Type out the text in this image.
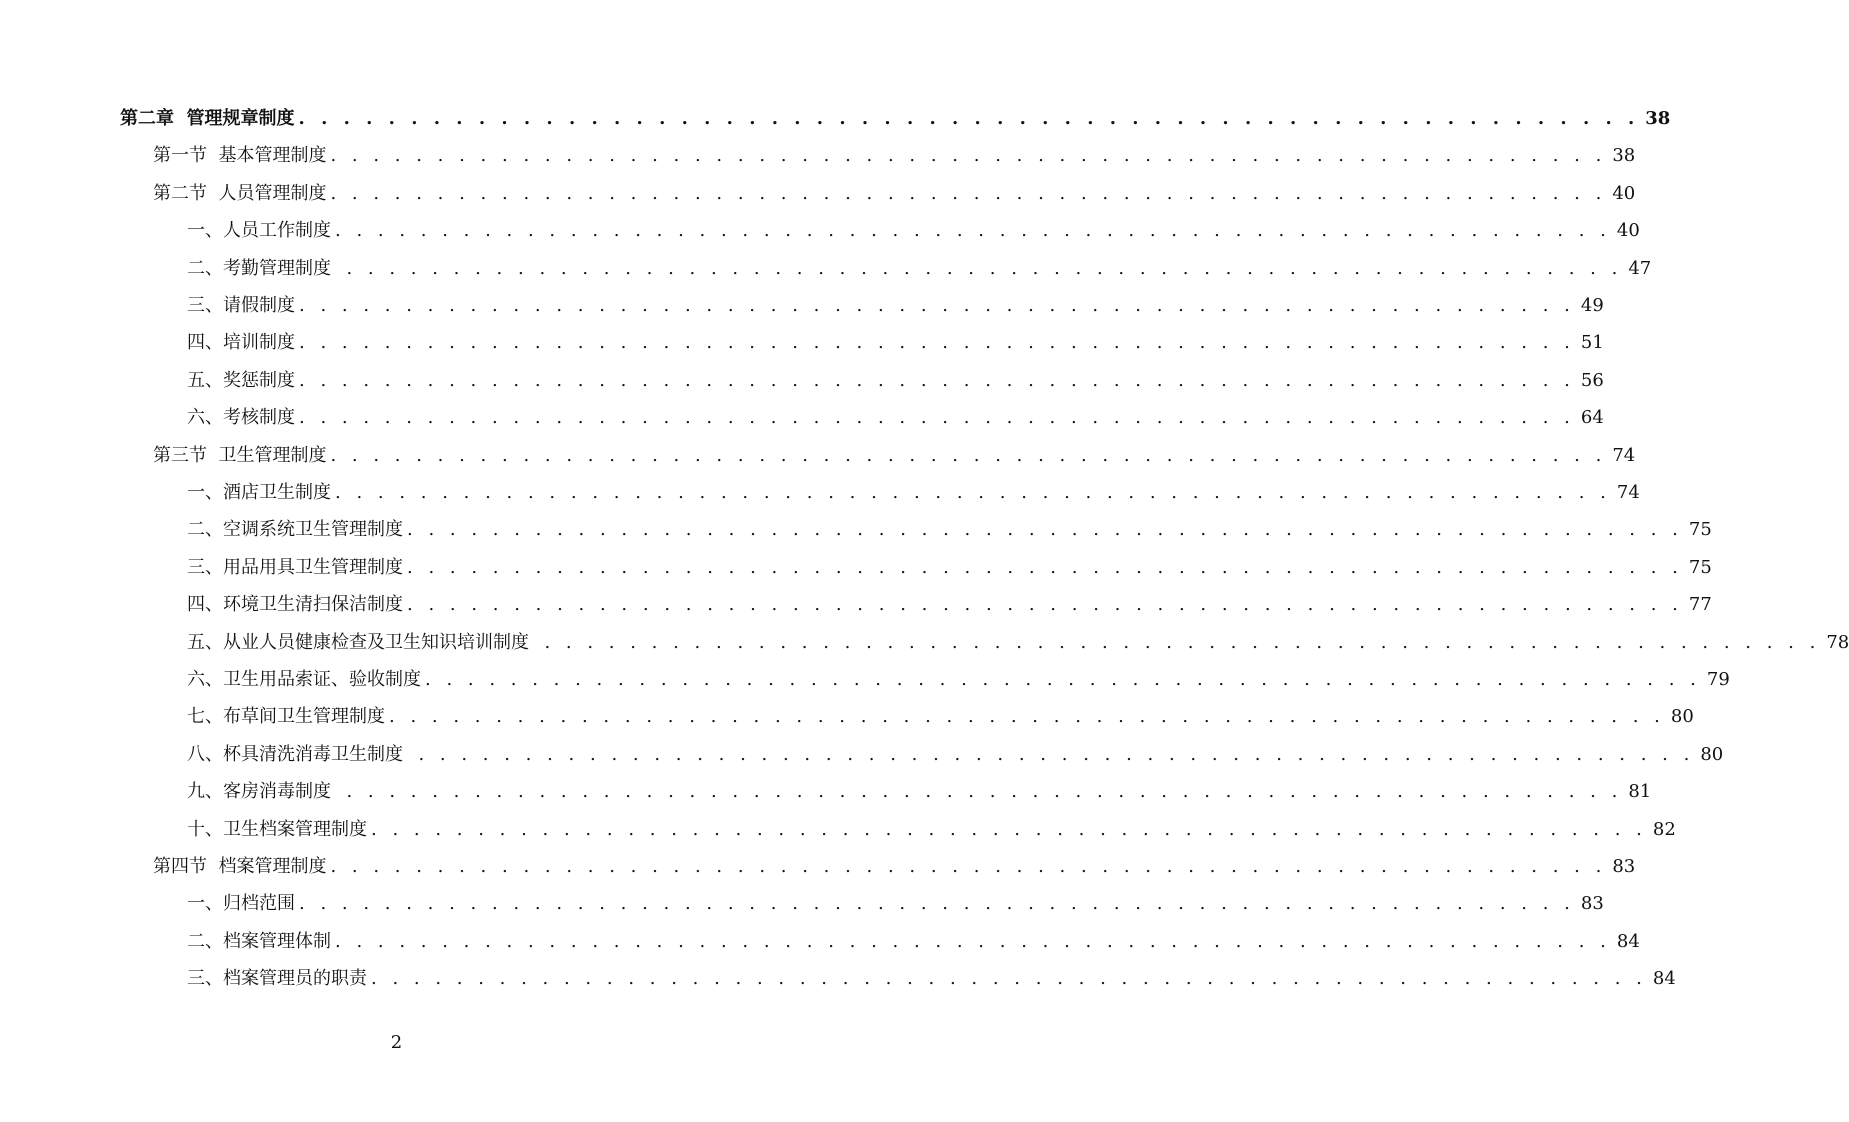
第二章  管理规章制度 . . . . . . . . . . . . . . . . . . . . . . . . . . . . . . . . . . . . . . . . . . . . . . . . . . . . . . . . . . . . 38
第一节  基本管理制度 . . . . . . . . . . . . . . . . . . . . . . . . . . . . . . . . . . . . . . . . . . . . . . . . . . . . . . . . . . . . 38
第二节  人员管理制度 . . . . . . . . . . . . . . . . . . . . . . . . . . . . . . . . . . . . . . . . . . . . . . . . . . . . . . . . . . . . 40
一、人员工作制度 . . . . . . . . . . . . . . . . . . . . . . . . . . . . . . . . . . . . . . . . . . . . . . . . . . . . . . . . . . . . 40
二、考勤管理制度 . . . . . . . . . . . . . . . . . . . . . . . . . . . . . . . . . . . . . . . . . . . . . . . . . . . . . . . . . . . . 47
三、请假制度 . . . . . . . . . . . . . . . . . . . . . . . . . . . . . . . . . . . . . . . . . . . . . . . . . . . . . . . . . . . . 49
四、培训制度 . . . . . . . . . . . . . . . . . . . . . . . . . . . . . . . . . . . . . . . . . . . . . . . . . . . . . . . . . . . . 51
五、奖惩制度 . . . . . . . . . . . . . . . . . . . . . . . . . . . . . . . . . . . . . . . . . . . . . . . . . . . . . . . . . . . . 56
六、考核制度 . . . . . . . . . . . . . . . . . . . . . . . . . . . . . . . . . . . . . . . . . . . . . . . . . . . . . . . . . . . . 64
第三节  卫生管理制度 . . . . . . . . . . . . . . . . . . . . . . . . . . . . . . . . . . . . . . . . . . . . . . . . . . . . . . . . . . . . 74
一、酒店卫生制度 . . . . . . . . . . . . . . . . . . . . . . . . . . . . . . . . . . . . . . . . . . . . . . . . . . . . . . . . . . . . 74
二、空调系统卫生管理制度 . . . . . . . . . . . . . . . . . . . . . . . . . . . . . . . . . . . . . . . . . . . . . . . . . . . . . . . . . . . . 75
三、用品用具卫生管理制度 . . . . . . . . . . . . . . . . . . . . . . . . . . . . . . . . . . . . . . . . . . . . . . . . . . . . . . . . . . . . 75
四、环境卫生清扫保洁制度 . . . . . . . . . . . . . . . . . . . . . . . . . . . . . . . . . . . . . . . . . . . . . . . . . . . . . . . . . . . . 77
五、从业人员健康检查及卫生知识培训制度 . . . . . . . . . . . . . . . . . . . . . . . . . . . . . . . . . . . . . . . . . . . . . . . . . . . . . . . . . . . . 78
六、卫生用品索证、验收制度 . . . . . . . . . . . . . . . . . . . . . . . . . . . . . . . . . . . . . . . . . . . . . . . . . . . . . . . . . . . . 79
七、布草间卫生管理制度 . . . . . . . . . . . . . . . . . . . . . . . . . . . . . . . . . . . . . . . . . . . . . . . . . . . . . . . . . . . . 80
八、杯具清洗消毒卫生制度 . . . . . . . . . . . . . . . . . . . . . . . . . . . . . . . . . . . . . . . . . . . . . . . . . . . . . . . . . . . . 80
九、客房消毒制度 . . . . . . . . . . . . . . . . . . . . . . . . . . . . . . . . . . . . . . . . . . . . . . . . . . . . . . . . . . . . 81
十、卫生档案管理制度 . . . . . . . . . . . . . . . . . . . . . . . . . . . . . . . . . . . . . . . . . . . . . . . . . . . . . . . . . . . . 82
第四节  档案管理制度 . . . . . . . . . . . . . . . . . . . . . . . . . . . . . . . . . . . . . . . . . . . . . . . . . . . . . . . . . . . . 83
一、归档范围 . . . . . . . . . . . . . . . . . . . . . . . . . . . . . . . . . . . . . . . . . . . . . . . . . . . . . . . . . . . . 83
二、档案管理体制 . . . . . . . . . . . . . . . . . . . . . . . . . . . . . . . . . . . . . . . . . . . . . . . . . . . . . . . . . . . . 84
三、档案管理员的职责 . . . . . . . . . . . . . . . . . . . . . . . . . . . . . . . . . . . . . . . . . . . . . . . . . . . . . . . . . . . . 84
2
